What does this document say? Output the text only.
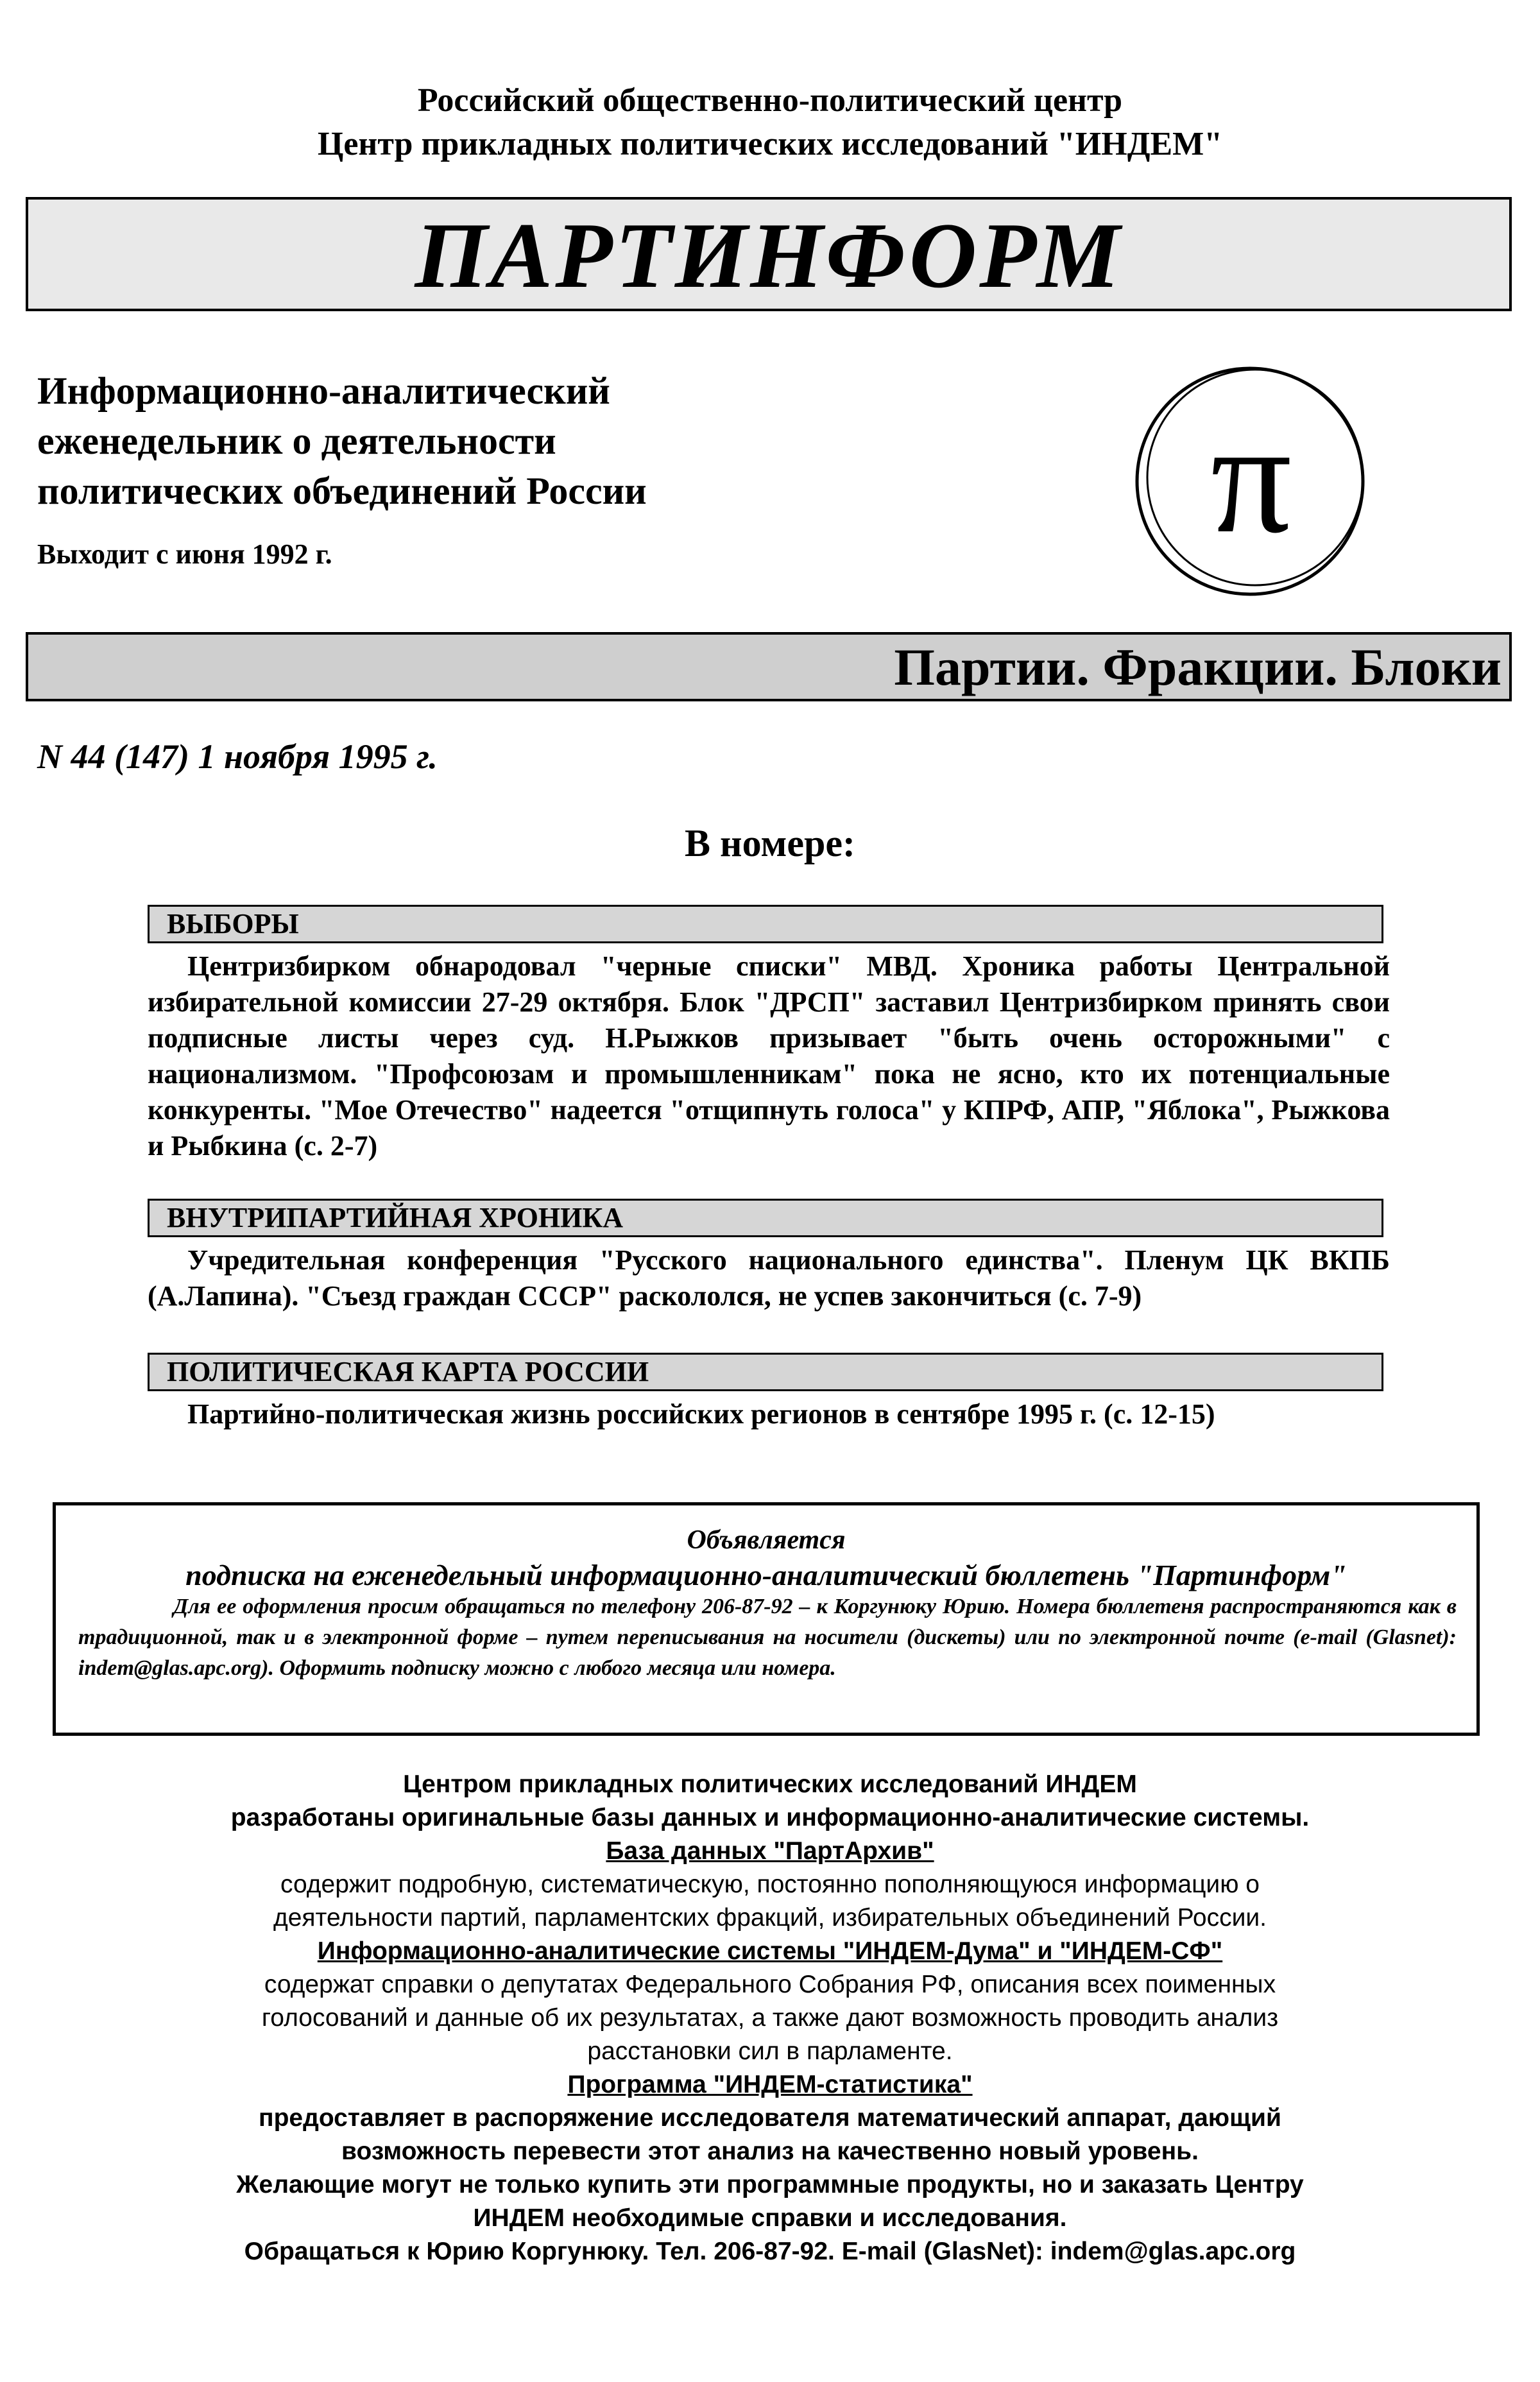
Российский общественно-политический центр
Центр прикладных политических исследований "ИНДЕМ"
ПАРТИНФОРМ
Информационно-аналитический
еженедельник о деятельности
политических объединений России
Выходит с июня 1992 г.	π
Партии. Фракции. Блоки
N 44 (147) 1 ноября 1995 г.
В номере:
ВЫБОРЫ
Центризбирком обнародовал "черные списки" МВД. Хроника работы Центральной избирательной комиссии 27-29 октября. Блок "ДРСП" заставил Центризбирком принять свои подписные листы через суд. Н.Рыжков призывает "быть очень осторожными" с национализмом. "Профсоюзам и промышленникам" пока не ясно, кто их потенциальные конкуренты. "Мое Отечество" надеется "отщипнуть голоса" у КПРФ, АПР, "Яблока", Рыжкова и Рыбкина (с. 2-7)
ВНУТРИПАРТИЙНАЯ ХРОНИКА
Учредительная конференция "Русского национального единства". Пленум ЦК ВКПБ (А.Лапина). "Съезд граждан СССР" раскололся, не успев закончиться (с. 7-9)
ПОЛИТИЧЕСКАЯ КАРТА РОССИИ
Партийно-политическая жизнь российских регионов в сентябре 1995 г. (с. 12-15)
Объявляется
подписка на еженедельный информационно-аналитический бюллетень "Партинформ"
Для ее оформления просим обращаться по телефону 206-87-92 – к Коргунюку Юрию. Номера бюллетеня распространяются как в традиционной, так и в электронной форме – путем переписывания на носители (дискеты) или по электронной почте (e-mail (Glasnet): indem@glas.apc.org). Оформить подписку можно с любого месяца или номера.
Центром прикладных политических исследований ИНДЕМ
разработаны оригинальные базы данных и информационно-аналитические системы.
База данных "ПартАрхив"
содержит подробную, систематическую, постоянно пополняющуюся информацию о
деятельности партий, парламентских фракций, избирательных объединений России.
Информационно-аналитические системы "ИНДЕМ-Дума" и "ИНДЕМ-СФ"
содержат справки о депутатах Федерального Собрания РФ, описания всех поименных
голосований и данные об их результатах, а также дают возможность проводить анализ
расстановки сил в парламенте.
Программа "ИНДЕМ-статистика"
предоставляет в распоряжение исследователя математический аппарат, дающий
возможность перевести этот анализ на качественно новый уровень.
Желающие могут не только купить эти программные продукты, но и заказать Центру
ИНДЕМ необходимые справки и исследования.
Обращаться к Юрию Коргунюку. Тел. 206-87-92. E-mail (GlasNet): indem@glas.apc.org
